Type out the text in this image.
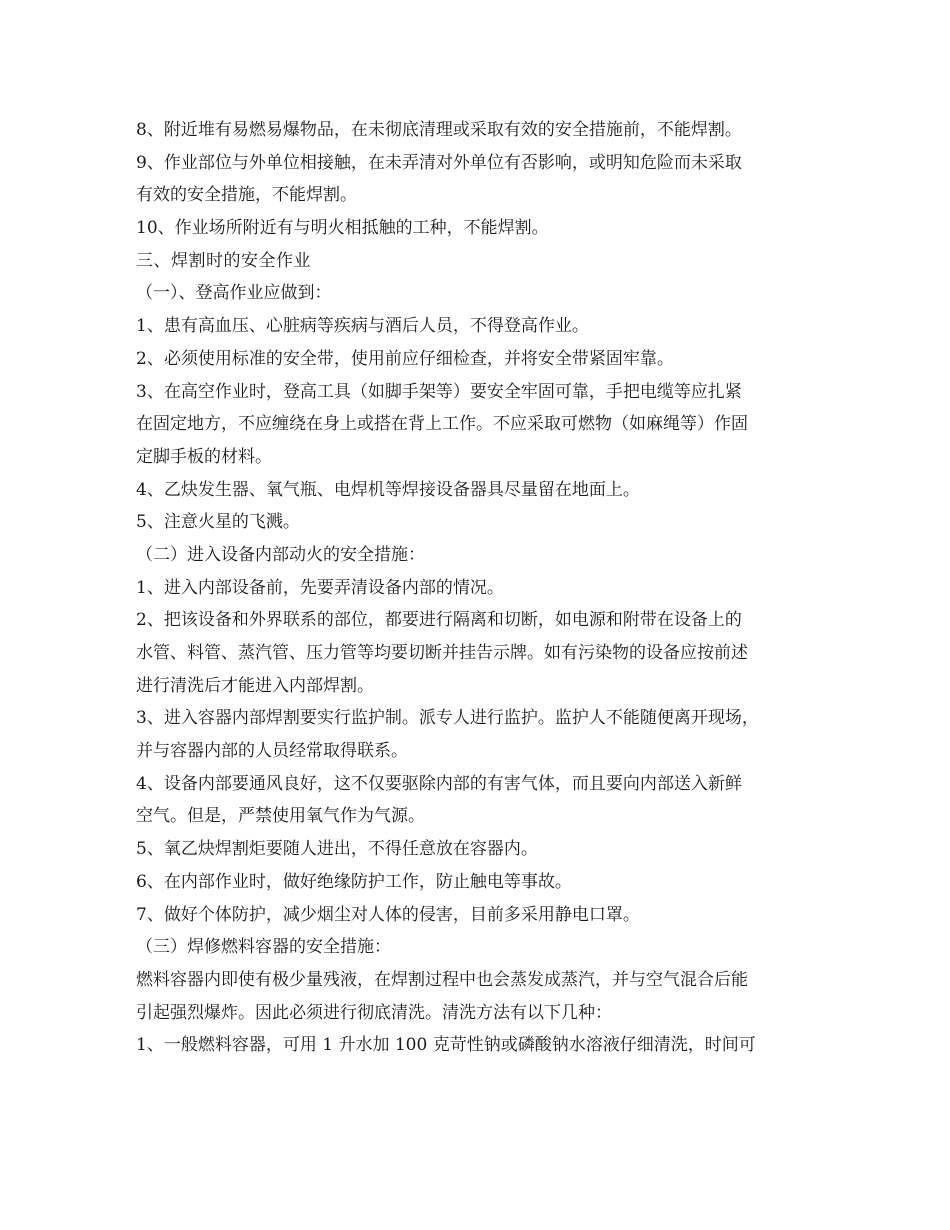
8、附近堆有易燃易爆物品，在未彻底清理或采取有效的安全措施前，不能焊割。
9、作业部位与外单位相接触，在未弄清对外单位有否影响，或明知危险而未采取
有效的安全措施，不能焊割。
10、作业场所附近有与明火相抵触的工种，不能焊割。
三、焊割时的安全作业
（一）、登高作业应做到：
1、患有高血压、心脏病等疾病与酒后人员，不得登高作业。
2、必须使用标准的安全带，使用前应仔细检查，并将安全带紧固牢靠。
3、在高空作业时，登高工具（如脚手架等）要安全牢固可靠，手把电缆等应扎紧
在固定地方，不应缠绕在身上或搭在背上工作。不应采取可燃物（如麻绳等）作固
定脚手板的材料。
4、乙炔发生器、氧气瓶、电焊机等焊接设备器具尽量留在地面上。
5、注意火星的飞溅。
（二）进入设备内部动火的安全措施：
1、进入内部设备前，先要弄清设备内部的情况。
2、把该设备和外界联系的部位，都要进行隔离和切断，如电源和附带在设备上的
水管、料管、蒸汽管、压力管等均要切断并挂告示牌。如有污染物的设备应按前述
进行清洗后才能进入内部焊割。
3、进入容器内部焊割要实行监护制。派专人进行监护。监护人不能随便离开现场，
并与容器内部的人员经常取得联系。
4、设备内部要通风良好，这不仅要驱除内部的有害气体，而且要向内部送入新鲜
空气。但是，严禁使用氧气作为气源。
5、氧乙炔焊割炬要随人进出，不得任意放在容器内。
6、在内部作业时，做好绝缘防护工作，防止触电等事故。
7、做好个体防护，减少烟尘对人体的侵害，目前多采用静电口罩。
（三）焊修燃料容器的安全措施：
燃料容器内即使有极少量残液，在焊割过程中也会蒸发成蒸汽，并与空气混合后能
引起强烈爆炸。因此必须进行彻底清洗。清洗方法有以下几种：
1、一般燃料容器，可用 1 升水加 100 克苛性钠或磷酸钠水溶液仔细清洗，时间可
